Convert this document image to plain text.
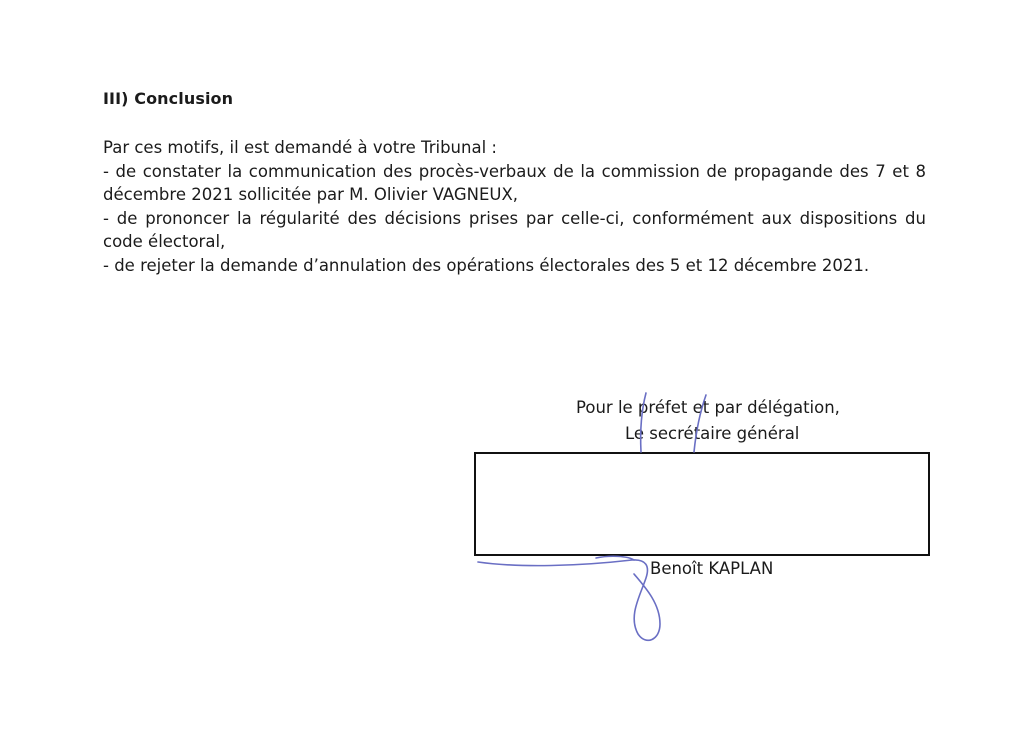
III) Conclusion

Par ces motifs, il est demandé à votre Tribunal :

- de constater la communication des procès-verbaux de la commission de propagande des 7 et 8 décembre 2021 sollicitée par M. Olivier VAGNEUX,

- de prononcer la régularité des décisions prises par celle-ci, conformément aux dispositions du code électoral,

- de rejeter la demande d’annulation des opérations électorales des 5 et 12 décembre 2021.

Pour le préfet et par délégation,
Le secrétaire général
Benoît KAPLAN
